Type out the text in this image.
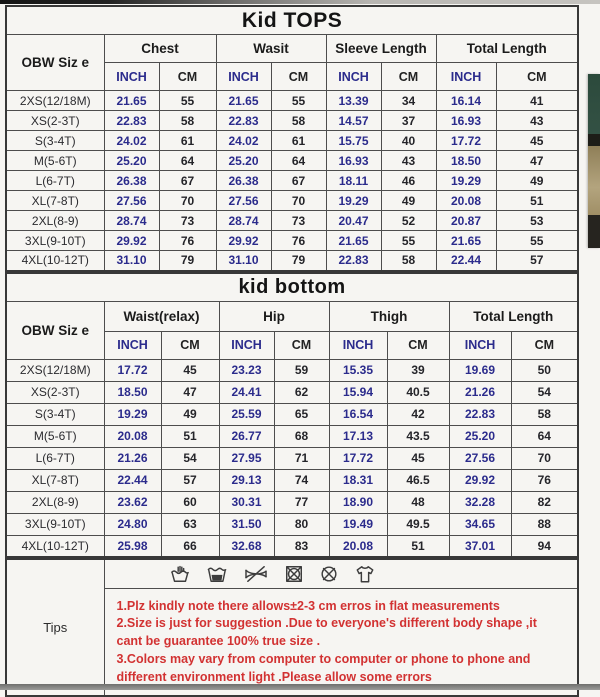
Kid TOPS								
OBW Siz e	Chest		Wasit		Sleeve Length		Total Length	
	INCH	CM	INCH	CM	INCH	CM	INCH	CM
2XS(12/18M)	21.65	55	21.65	55	13.39	34	16.14	41
XS(2-3T)	22.83	58	22.83	58	14.57	37	16.93	43
S(3-4T)	24.02	61	24.02	61	15.75	40	17.72	45
M(5-6T)	25.20	64	25.20	64	16.93	43	18.50	47
L(6-7T)	26.38	67	26.38	67	18.11	46	19.29	49
XL(7-8T)	27.56	70	27.56	70	19.29	49	20.08	51
2XL(8-9)	28.74	73	28.74	73	20.47	52	20.87	53
3XL(9-10T)	29.92	76	29.92	76	21.65	55	21.65	55
4XL(10-12T)	31.10	79	31.10	79	22.83	58	22.44	57
kid bottom								
OBW Siz e	Waist(relax)		Hip		Thigh		Total Length	
	INCH	CM	INCH	CM	INCH	CM	INCH	CM
2XS(12/18M)	17.72	45	23.23	59	15.35	39	19.69	50
XS(2-3T)	18.50	47	24.41	62	15.94	40.5	21.26	54
S(3-4T)	19.29	49	25.59	65	16.54	42	22.83	58
M(5-6T)	20.08	51	26.77	68	17.13	43.5	25.20	64
L(6-7T)	21.26	54	27.95	71	17.72	45	27.56	70
XL(7-8T)	22.44	57	29.13	74	18.31	46.5	29.92	76
2XL(8-9)	23.62	60	30.31	77	18.90	48	32.28	82
3XL(9-10T)	24.80	63	31.50	80	19.49	49.5	34.65	88
4XL(10-12T)	25.98	66	32.68	83	20.08	51	37.01	94
Tips	

1.Plz kindly note there allows±2-3 cm erros in flat measurements
2.Size is just for suggestion .Due to everyone's different body shape ,it cant be guarantee 100% true size .
3.Colors may vary from computer to computer or phone to phone and different environment light .Please allow some errors
